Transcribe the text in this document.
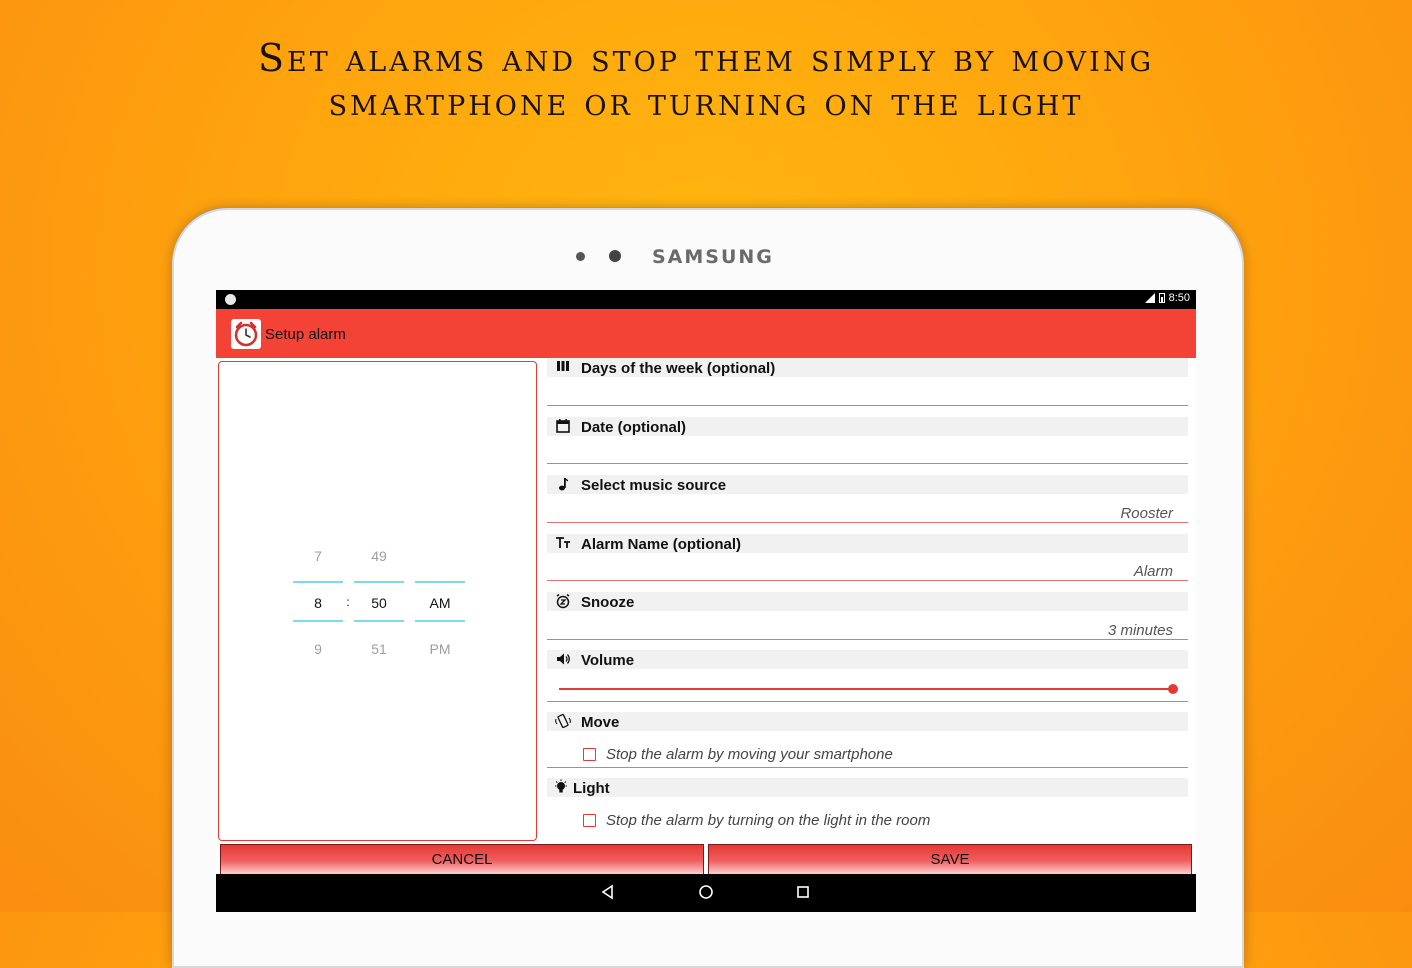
Set alarms and stop them simply by moving
smartphone or turning on the light
SAMSUNG
8:50
Setup alarm
7
8
9
:
49
50
51
AM
PM
Days of the week (optional)
Date (optional)
Select music source
Rooster
Alarm Name (optional)
Alarm
Snooze
3 minutes
Volume
Move
Stop the alarm by moving your smartphone
Light
Stop the alarm by turning on the light in the room
CANCEL	SAVE
